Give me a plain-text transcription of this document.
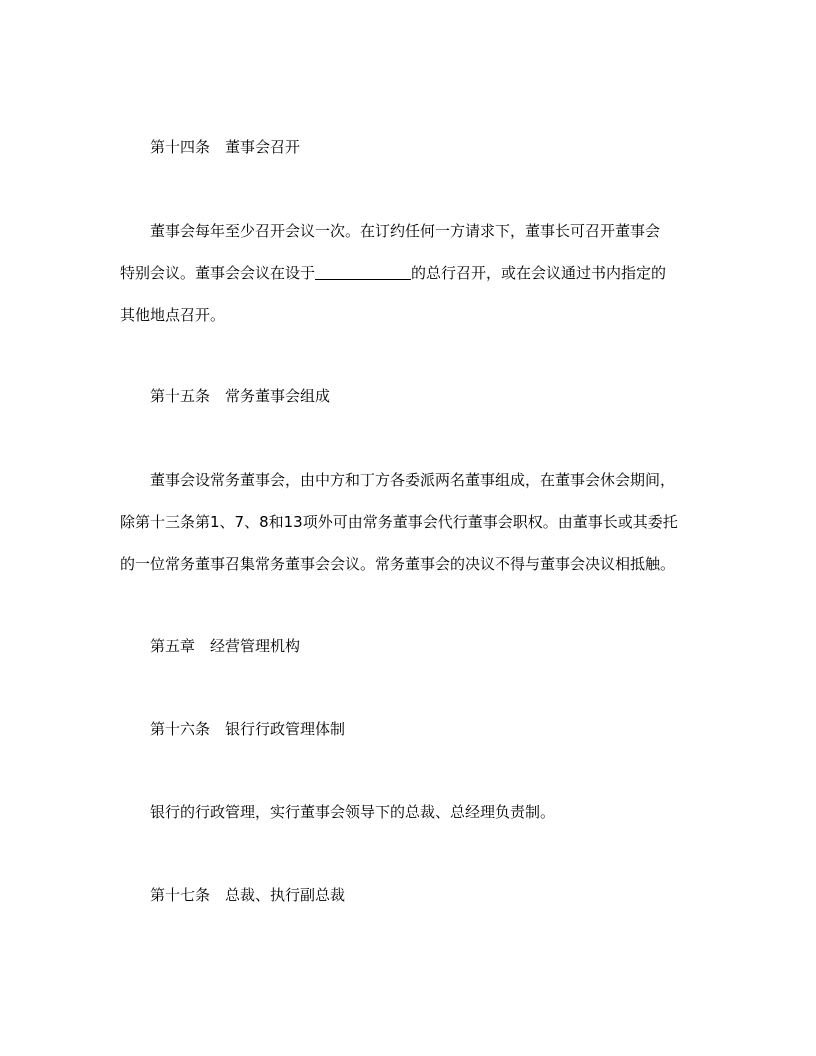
第十四条 董事会召开
董事会每年至少召开会议一次。在订约任何一方请求下，董事长可召开董事会
特别会议。董事会会议在设于	的总行召开，或在会议通过书内指定的
其他地点召开。
第十五条 常务董事会组成
董事会设常务董事会，由中方和丁方各委派两名董事组成，在董事会休会期间，
除第十三条第1、7、8和13项外可由常务董事会代行董事会职权。由董事长或其委托
的一位常务董事召集常务董事会会议。常务董事会的决议不得与董事会决议相抵触。
第五章 经营管理机构
第十六条 银行行政管理体制
银行的行政管理，实行董事会领导下的总裁、总经理负责制。
第十七条 总裁、执行副总裁
